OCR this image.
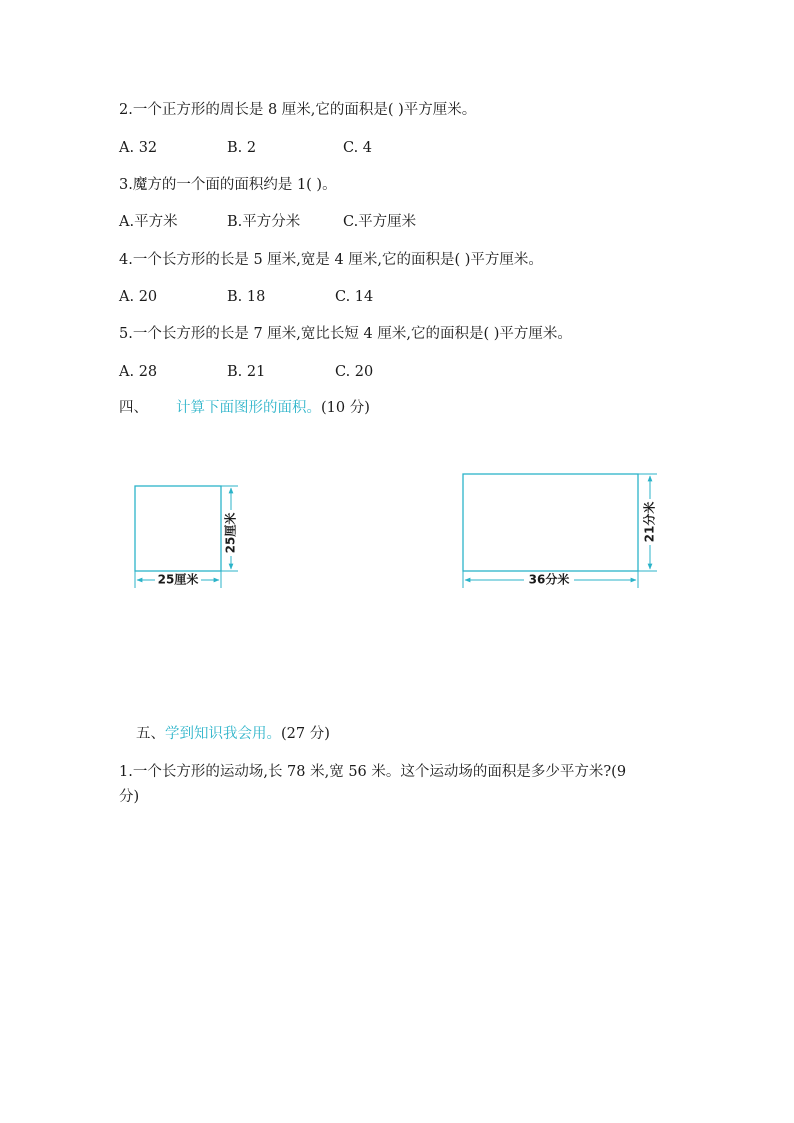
2.一个正方形的周长是 8 厘米,它的面积是( )平方厘米。
A. 32	B. 2	C. 4
3.魔方的一个面的面积约是 1( )。
A.平方米	B.平方分米	C.平方厘米
4.一个长方形的长是 5 厘米,宽是 4 厘米,它的面积是( )平方厘米。
A. 20	B. 18	C. 14
5.一个长方形的长是 7 厘米,宽比长短 4 厘米,它的面积是( )平方厘米。
A. 28	B. 21	C. 20
四、 计算下面图形的面积。(10 分)
25厘米
25厘米
21分米
36分米
五、学到知识我会用。(27 分)
1.一个长方形的运动场,长 78 米,宽 56 米。这个运动场的面积是多少平方米?(9
分)
